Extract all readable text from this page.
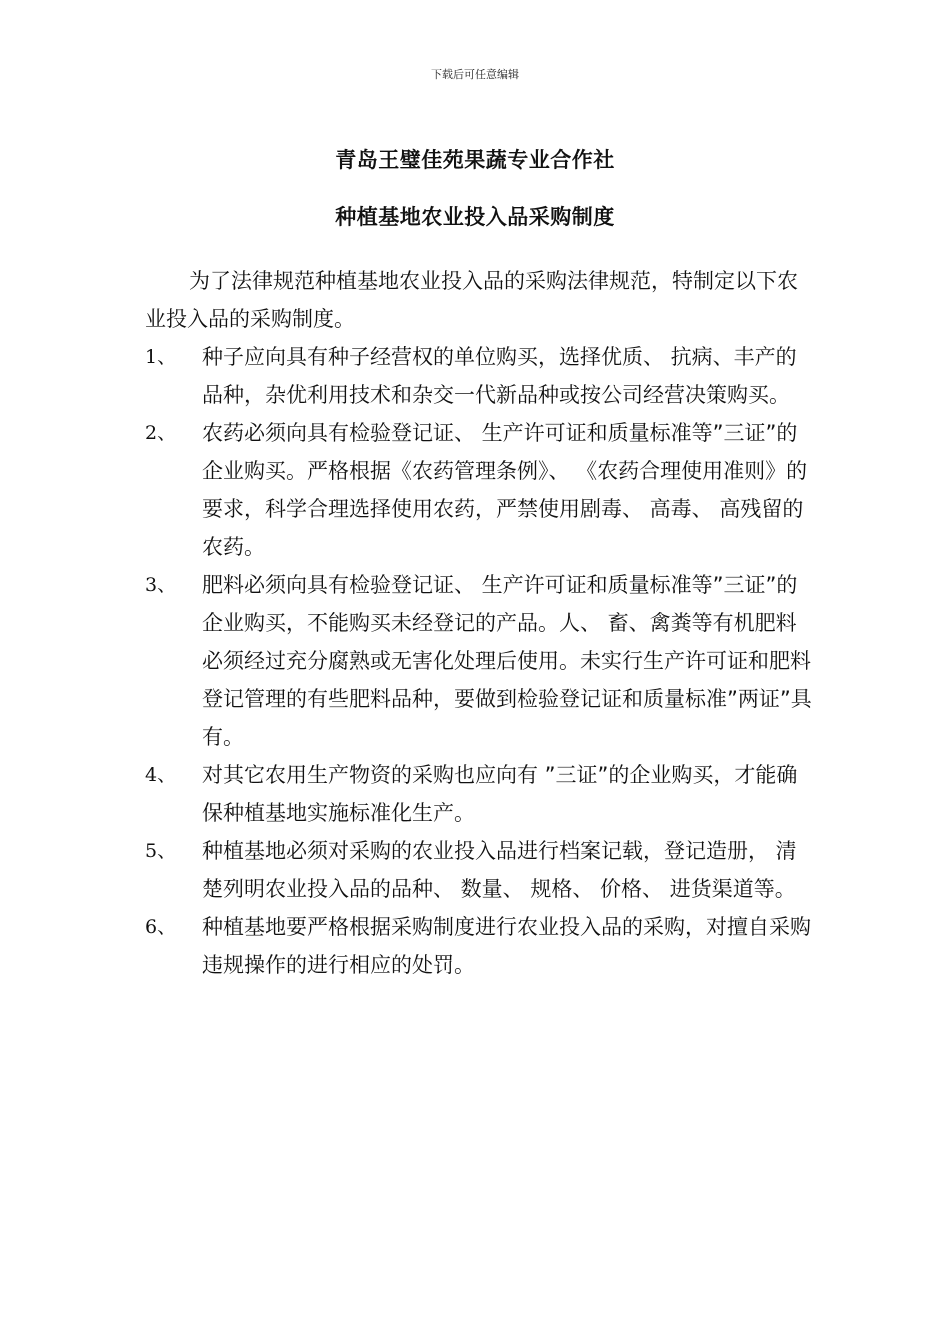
下载后可任意编辑
青岛王璧佳苑果蔬专业合作社
种植基地农业投入品采购制度

为了法律规范种植基地农业投入品的采购法律规范，特制定以下农业投入品的采购制度。

1、 种子应向具有种子经营权的单位购买，选择优质、 抗病、丰产的品种，杂优利用技术和杂交一代新品种或按公司经营决策购买。
2、 农药必须向具有检验登记证、 生产许可证和质量标准等”三证”的企业购买。严格根据《农药管理条例》、 《农药合理使用准则》的要求，科学合理选择使用农药，严禁使用剧毒、 高毒、 高残留的农药。
3、 肥料必须向具有检验登记证、 生产许可证和质量标准等”三证”的企业购买，不能购买未经登记的产品。人、 畜、禽粪等有机肥料必须经过充分腐熟或无害化处理后使用。未实行生产许可证和肥料登记管理的有些肥料品种，要做到检验登记证和质量标准”两证”具有。
4、 对其它农用生产物资的采购也应向有 ”三证”的企业购买，才能确保种植基地实施标准化生产。
5、 种植基地必须对采购的农业投入品进行档案记载，登记造册， 清楚列明农业投入品的品种、 数量、 规格、 价格、 进货渠道等。
6、 种植基地要严格根据采购制度进行农业投入品的采购，对擅自采购违规操作的进行相应的处罚。
